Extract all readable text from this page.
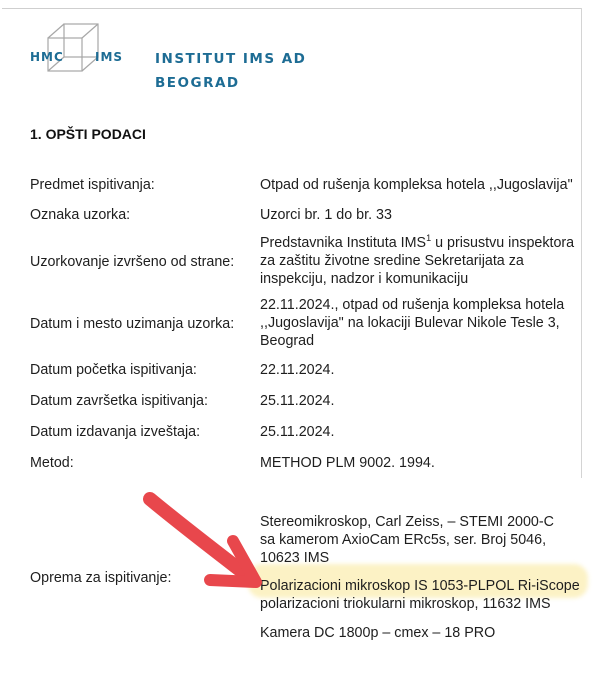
HMC	IMS INSTITUT IMS AD
BEOGRAD
1. OPŠTI PODACI
Predmet ispitivanja:	Otpad od rušenja kompleksa hotela ,,Jugoslavija"
Oznaka uzorka:	Uzorci br. 1 do br. 33
Uzorkovanje izvršeno od strane:
Predstavnika Instituta IMS$^1$ u prisustvu inspektora
za zaštitu životne sredine Sekretarijata za
inspekciju, nadzor i komunikaciju
Datum i mesto uzimanja uzorka:
22.11.2024., otpad od rušenja kompleksa hotela
,,Jugoslavija" na lokaciji Bulevar Nikole Tesle 3,
Beograd
Datum početka ispitivanja:	22.11.2024.
Datum završetka ispitivanja:	25.11.2024.
Datum izdavanja izveštaja:	25.11.2024.
Metod:	METHOD PLM 9002. 1994.
Oprema za ispitivanje:
Stereomikroskop, Carl Zeiss, – STEMI 2000-C
sa kamerom AxioCam ERc5s, ser. Broj 5046,
10623 IMS
Polarizacioni mikroskop IS 1053-PLPOL Ri-iScope
polarizacioni triokularni mikroskop, 11632 IMS
Kamera DC 1800p – cmex – 18 PRO
